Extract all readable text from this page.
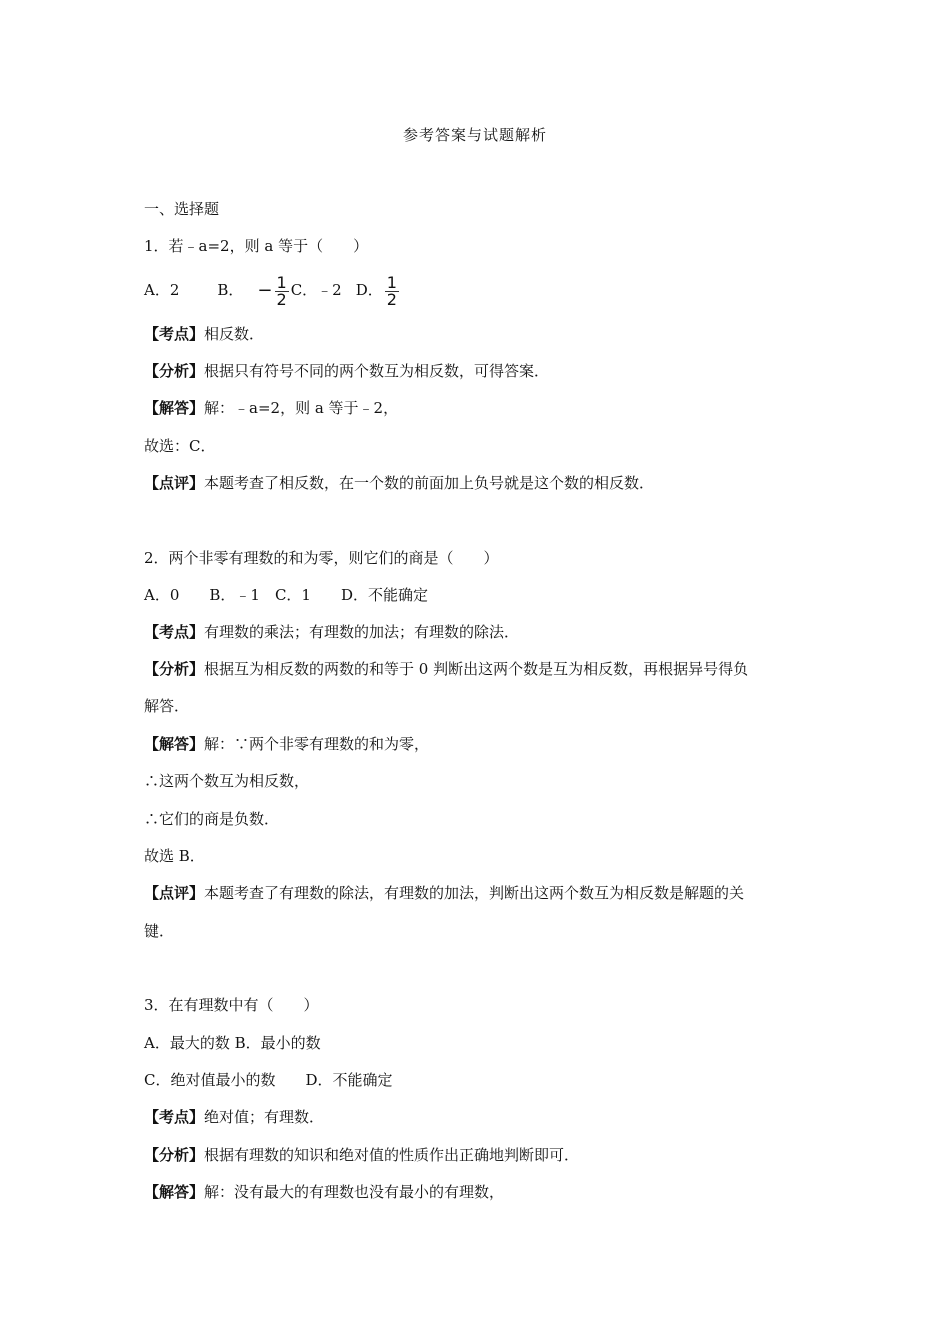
参考答案与试题解析
一、选择题
1．若﹣a=2，则 a 等于（　　）
A．2	B． − $\frac{1}{2}$ C．﹣2 D． $\frac{1}{2}$
【考点】相反数．
【分析】根据只有符号不同的两个数互为相反数，可得答案．
【解答】解：﹣a=2，则 a 等于﹣2，
故选：C．
【点评】本题考查了相反数，在一个数的前面加上负号就是这个数的相反数．
2．两个非零有理数的和为零，则它们的商是（　　）
A．0　　B．﹣1　C．1　　D．不能确定
【考点】有理数的乘法；有理数的加法；有理数的除法．
【分析】根据互为相反数的两数的和等于 0 判断出这两个数是互为相反数，再根据异号得负
解答．
【解答】解：∵两个非零有理数的和为零，
∴这两个数互为相反数，
∴它们的商是负数．
故选 B．
【点评】本题考查了有理数的除法，有理数的加法，判断出这两个数互为相反数是解题的关
键．
3．在有理数中有（　　）
A．最大的数 B．最小的数
C．绝对值最小的数　　D．不能确定
【考点】绝对值；有理数．
【分析】根据有理数的知识和绝对值的性质作出正确地判断即可．
【解答】解：没有最大的有理数也没有最小的有理数，
